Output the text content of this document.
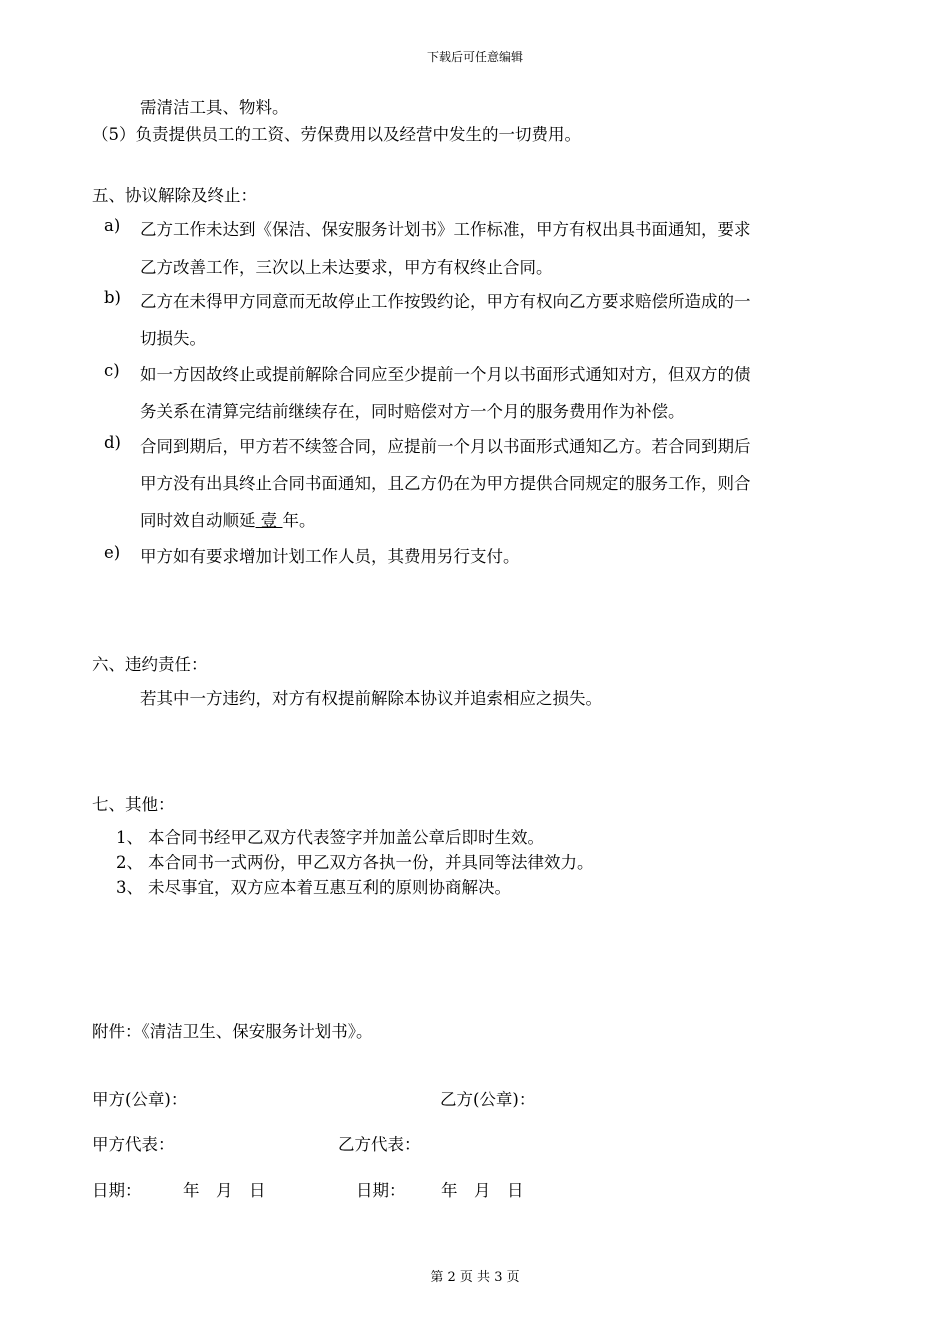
下载后可任意编辑
需清洁工具、物料。
（5）负责提供员工的工资、劳保费用以及经营中发生的一切费用。
五、协议解除及终止：
a) 乙方工作未达到《保洁、保安服务计划书》工作标准，甲方有权出具书面通知，要求
乙方改善工作，三次以上未达要求，甲方有权终止合同。
b) 乙方在未得甲方同意而无故停止工作按毁约论，甲方有权向乙方要求赔偿所造成的一
切损失。
c) 如一方因故终止或提前解除合同应至少提前一个月以书面形式通知对方，但双方的债
务关系在清算完结前继续存在，同时赔偿对方一个月的服务费用作为补偿。
d) 合同到期后，甲方若不续签合同，应提前一个月以书面形式通知乙方。若合同到期后
甲方没有出具终止合同书面通知，且乙方仍在为甲方提供合同规定的服务工作，则合
同时效自动顺延 壹 年。
e) 甲方如有要求增加计划工作人员，其费用另行支付。
六、违约责任：
若其中一方违约，对方有权提前解除本协议并追索相应之损失。
七、其他：
1、 本合同书经甲乙双方代表签字并加盖公章后即时生效。
2、 本合同书一式两份，甲乙双方各执一份，并具同等法律效力。
3、 未尽事宜，双方应本着互惠互利的原则协商解决。
附件：《清洁卫生、保安服务计划书》。
甲方(公章)：	乙方(公章)：
甲方代表：	乙方代表：
日期：	年　月　日	日期： 年　月　日
第 2 页 共 3 页
